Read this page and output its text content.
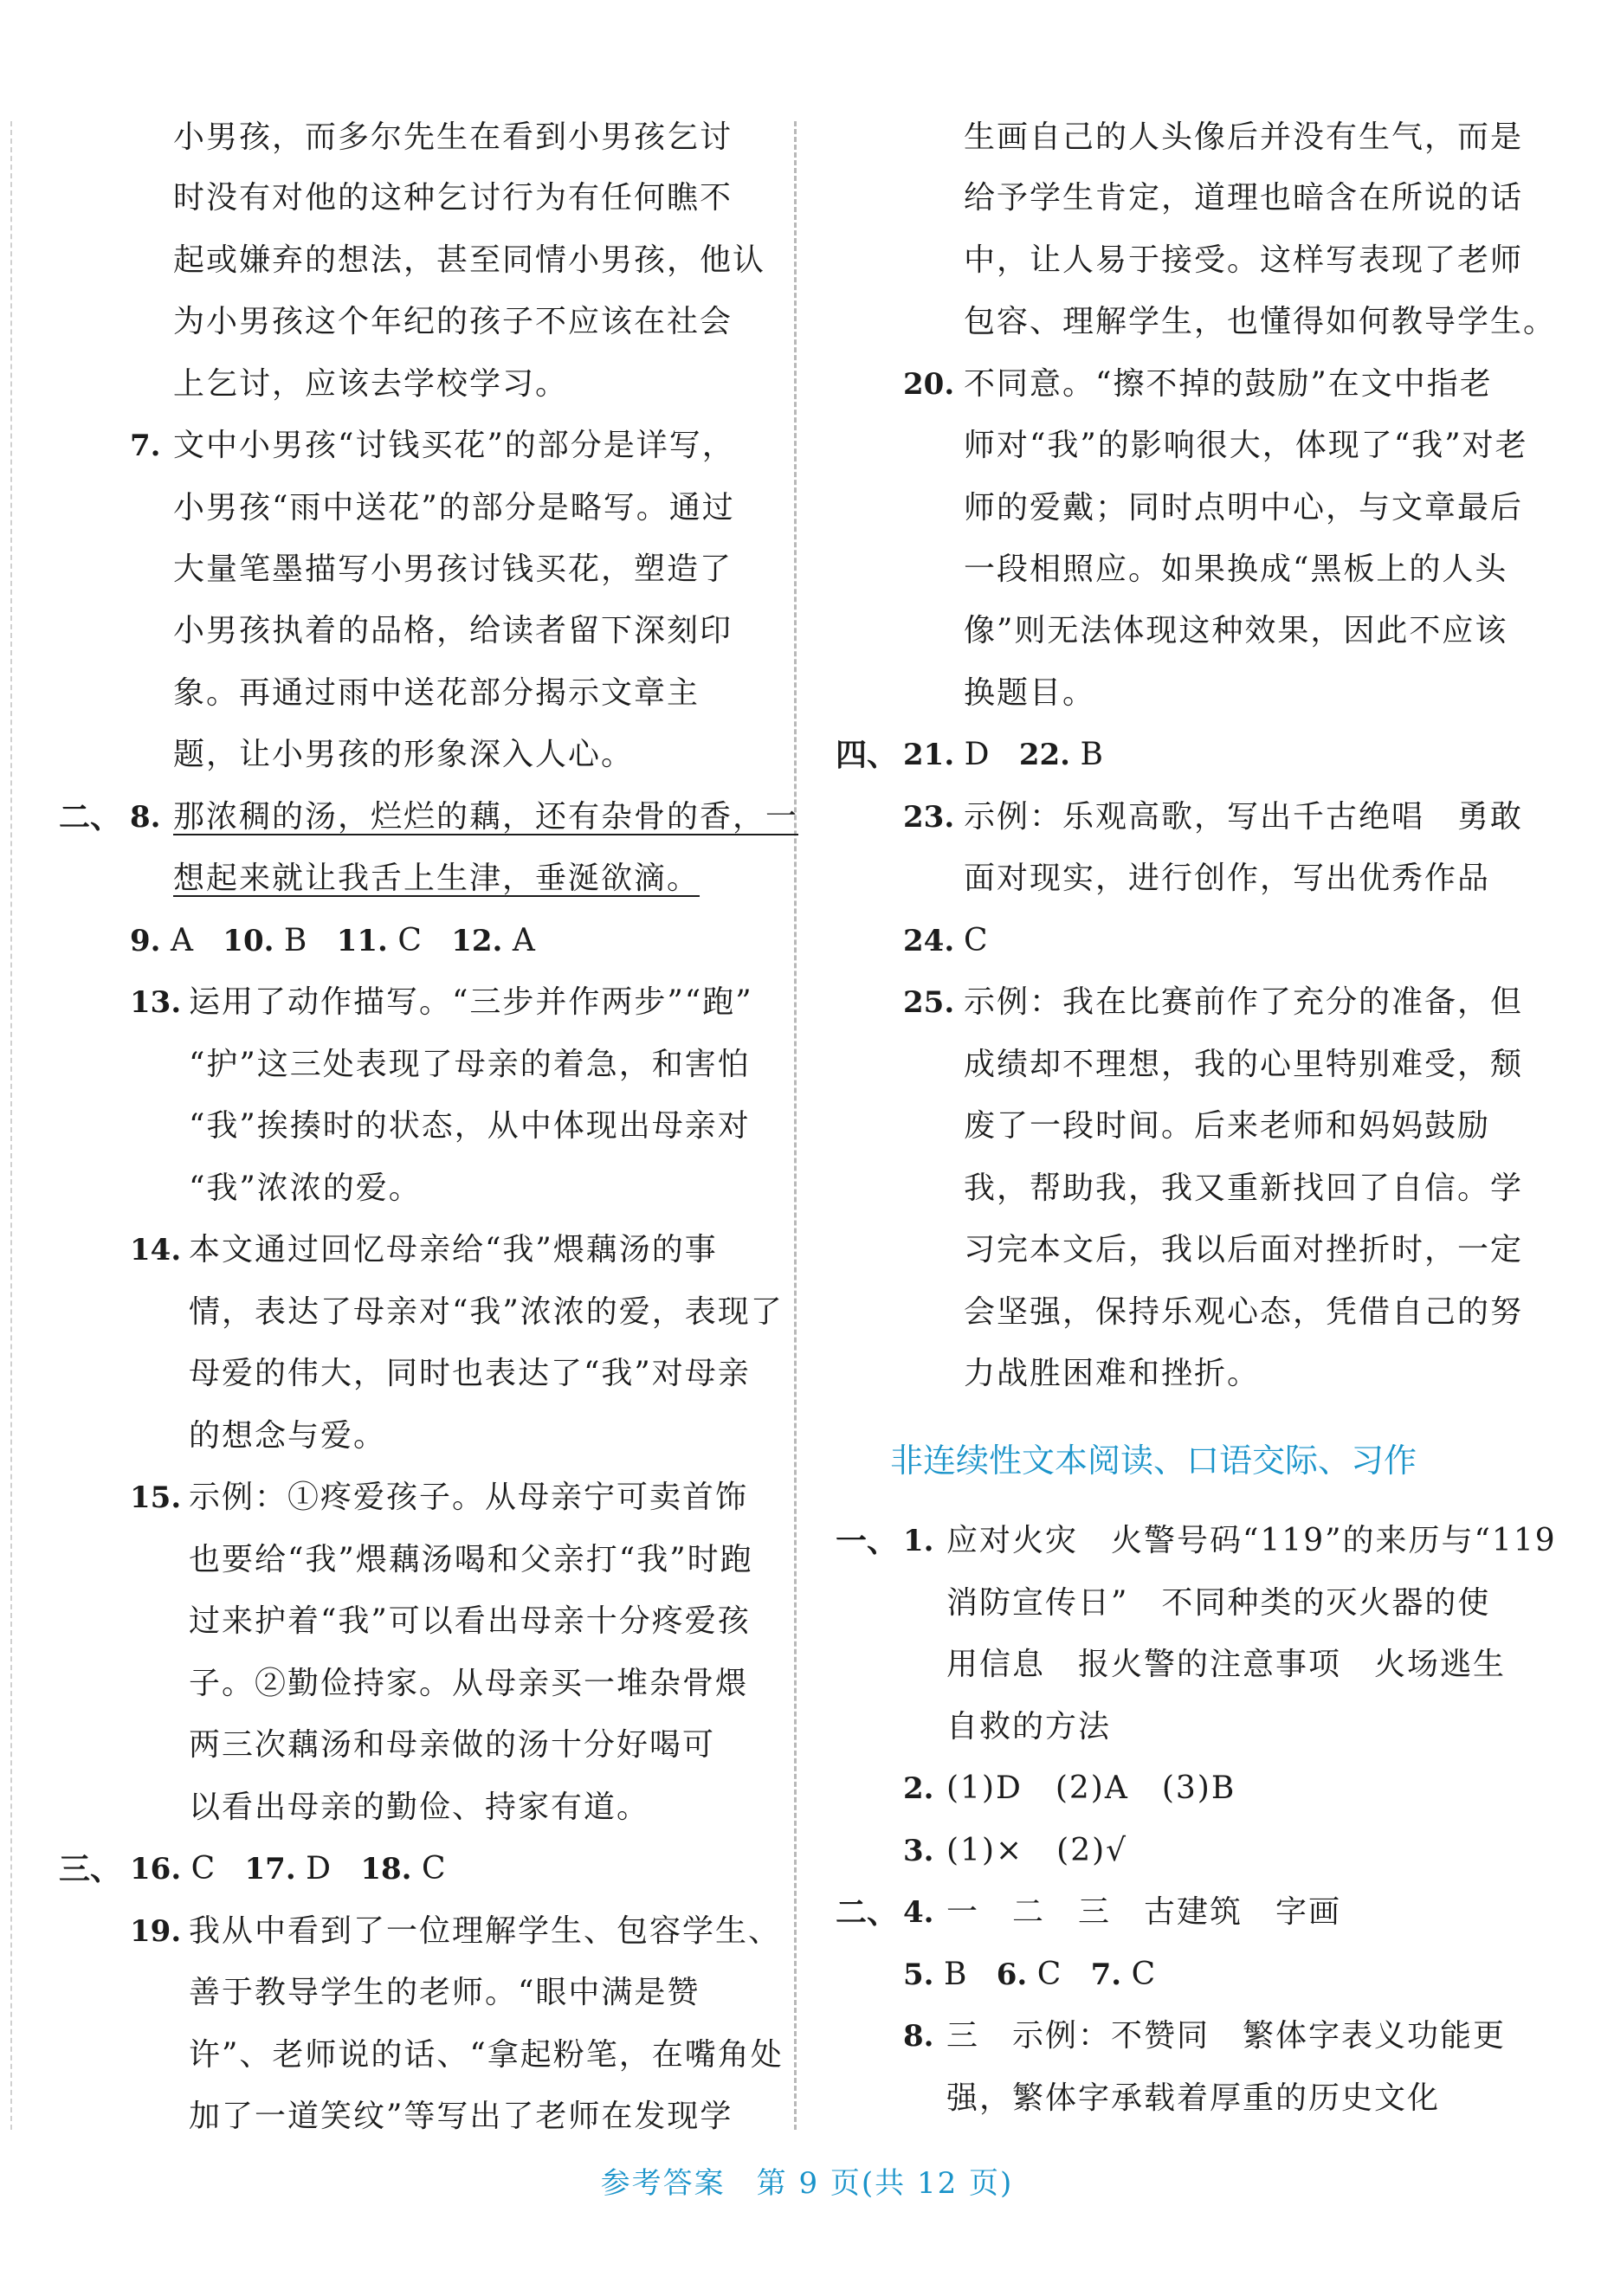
小男孩，而多尔先生在看到小男孩乞讨
时没有对他的这种乞讨行为有任何瞧不
起或嫌弃的想法，甚至同情小男孩，他认
为小男孩这个年纪的孩子不应该在社会
上乞讨，应该去学校学习。
7. 文中小男孩“讨钱买花”的部分是详写，
小男孩“雨中送花”的部分是略写。通过
大量笔墨描写小男孩讨钱买花，塑造了
小男孩执着的品格，给读者留下深刻印
象。再通过雨中送花部分揭示文章主
题，让小男孩的形象深入人心。
二、 8. 那浓稠的汤，烂烂的藕，还有杂骨的香，一
想起来就让我舌上生津，垂涎欲滴。
9. A 10. B 11. C 12. A
13. 运用了动作描写。“三步并作两步”“跑”
“护”这三处表现了母亲的着急，和害怕
“我”挨揍时的状态，从中体现出母亲对
“我”浓浓的爱。
14. 本文通过回忆母亲给“我”煨藕汤的事
情，表达了母亲对“我”浓浓的爱，表现了
母爱的伟大，同时也表达了“我”对母亲
的想念与爱。
15. 示例：①疼爱孩子。从母亲宁可卖首饰
也要给“我”煨藕汤喝和父亲打“我”时跑
过来护着“我”可以看出母亲十分疼爱孩
子。②勤俭持家。从母亲买一堆杂骨煨
两三次藕汤和母亲做的汤十分好喝可
以看出母亲的勤俭、持家有道。
三、 16. C 17. D 18. C
19. 我从中看到了一位理解学生、包容学生、
善于教导学生的老师。“眼中满是赞
许”、老师说的话、“拿起粉笔，在嘴角处
加了一道笑纹”等写出了老师在发现学
生画自己的人头像后并没有生气，而是
给予学生肯定，道理也暗含在所说的话
中，让人易于接受。这样写表现了老师
包容、理解学生，也懂得如何教导学生。
20. 不同意。“擦不掉的鼓励”在文中指老
师对“我”的影响很大，体现了“我”对老
师的爱戴；同时点明中心，与文章最后
一段相照应。如果换成“黑板上的人头
像”则无法体现这种效果，因此不应该
换题目。
四、 21. D 22. B
23. 示例：乐观高歌，写出千古绝唱　勇敢
面对现实，进行创作，写出优秀作品
24. C
25. 示例：我在比赛前作了充分的准备，但
成绩却不理想，我的心里特别难受，颓
废了一段时间。后来老师和妈妈鼓励
我，帮助我，我又重新找回了自信。学
习完本文后，我以后面对挫折时，一定
会坚强，保持乐观心态，凭借自己的努
力战胜困难和挫折。
非连续性文本阅读、口语交际、习作
一、 1. 应对火灾　火警号码“119”的来历与“119
消防宣传日”　不同种类的灭火器的使
用信息　报火警的注意事项　火场逃生
自救的方法
2. (1)D　(2)A　(3)B
3. (1)×　(2)√
二、 4. 一　二　三　古建筑　字画
5. B 6. C 7. C
8. 三　示例：不赞同　繁体字表义功能更
强，繁体字承载着厚重的历史文化
参考答案　第 9 页(共 12 页)
